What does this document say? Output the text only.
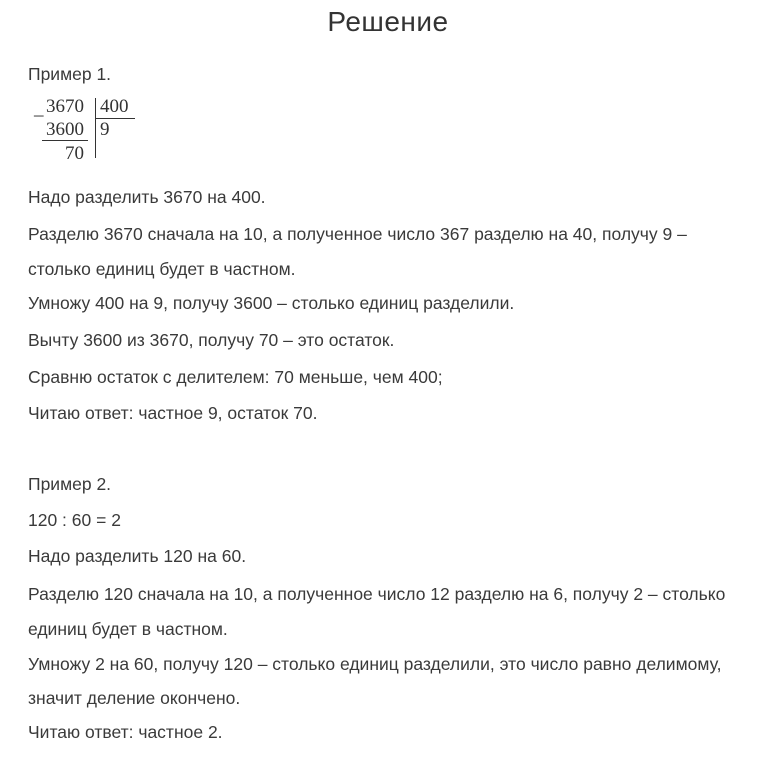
Решение
Пример 1.
_ 3670 400
3600 9
70
Надо разделить 3670 на 400.
Разделю 3670 сначала на 10, а полученное число 367 разделю на 40, получу 9 –
столько единиц будет в частном.
Умножу 400 на 9, получу 3600 – столько единиц разделили.
Вычту 3600 из 3670, получу 70 – это остаток.
Сравню остаток с делителем: 70 меньше, чем 400;
Читаю ответ: частное 9, остаток 70.
Пример 2.
120 : 60 = 2
Надо разделить 120 на 60.
Разделю 120 сначала на 10, а полученное число 12 разделю на 6, получу 2 – столько
единиц будет в частном.
Умножу 2 на 60, получу 120 – столько единиц разделили, это число равно делимому,
значит деление окончено.
Читаю ответ: частное 2.
